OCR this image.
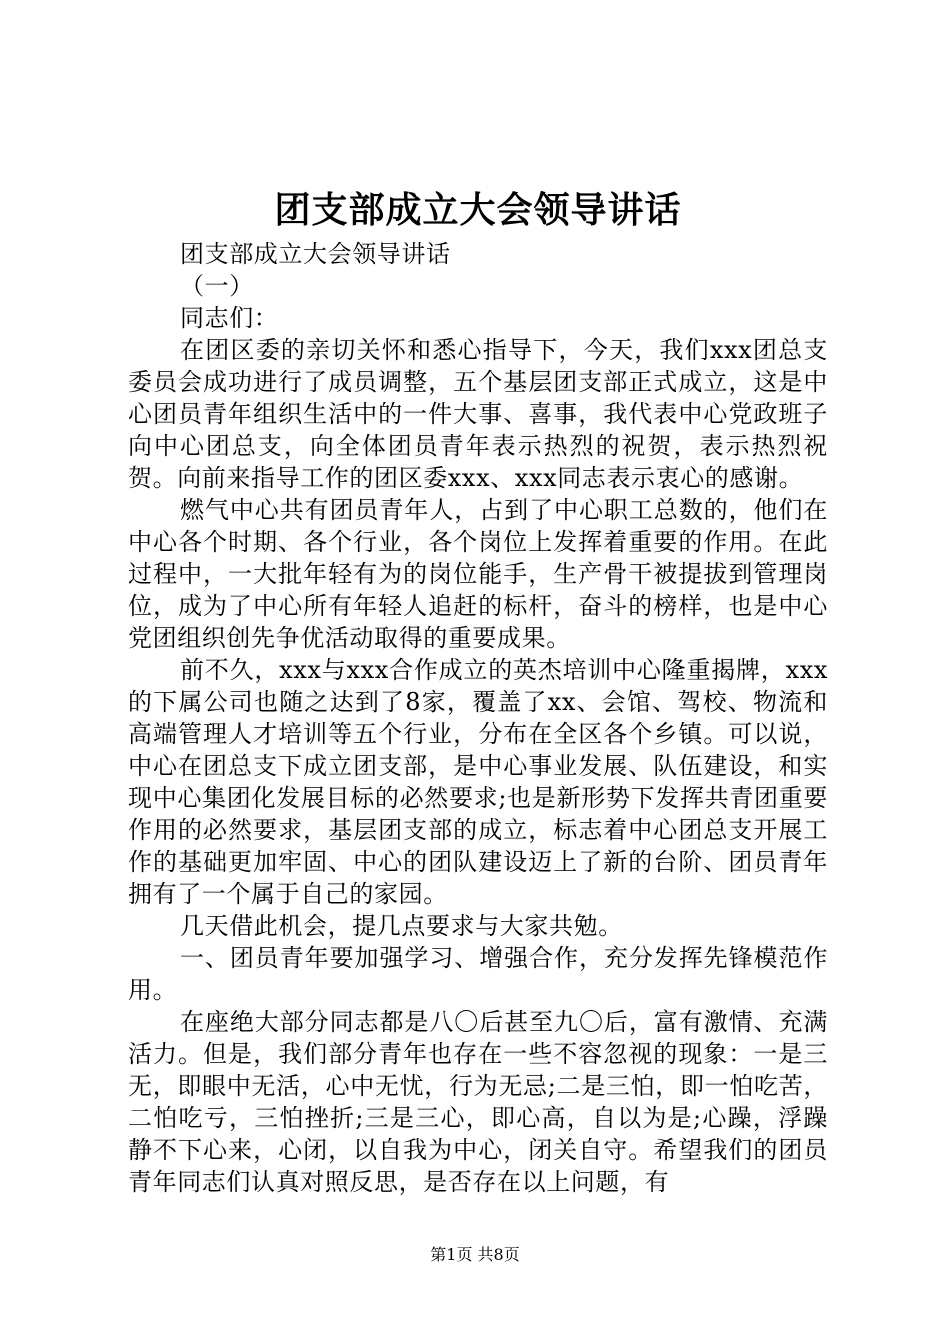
团支部成立大会领导讲话

团支部成立大会领导讲话

（一）

同志们：

在团区委的亲切关怀和悉心指导下，今天，我们xxx团总支委员会成功进行了成员调整，五个基层团支部正式成立，这是中心团员青年组织生活中的一件大事、喜事，我代表中心党政班子向中心团总支，向全体团员青年表示热烈的祝贺，表示热烈祝贺。向前来指导工作的团区委xxx、xxx同志表示衷心的感谢。

燃气中心共有团员青年人，占到了中心职工总数的，他们在中心各个时期、各个行业，各个岗位上发挥着重要的作用。在此过程中，一大批年轻有为的岗位能手，生产骨干被提拔到管理岗位，成为了中心所有年轻人追赶的标杆，奋斗的榜样，也是中心党团组织创先争优活动取得的重要成果。

前不久，xxx与xxx合作成立的英杰培训中心隆重揭牌，xxx的下属公司也随之达到了8家，覆盖了xx、会馆、驾校、物流和高端管理人才培训等五个行业，分布在全区各个乡镇。可以说，中心在团总支下成立团支部，是中心事业发展、队伍建设，和实现中心集团化发展目标的必然要求;也是新形势下发挥共青团重要作用的必然要求，基层团支部的成立，标志着中心团总支开展工作的基础更加牢固、中心的团队建设迈上了新的台阶、团员青年拥有了一个属于自己的家园。

几天借此机会，提几点要求与大家共勉。

一、团员青年要加强学习、增强合作，充分发挥先锋模范作用。

在座绝大部分同志都是八〇后甚至九〇后，富有激情、充满活力。但是，我们部分青年也存在一些不容忽视的现象：一是三无，即眼中无活，心中无忧，行为无忌;二是三怕，即一怕吃苦，二怕吃亏，三怕挫折;三是三心，即心高，自以为是;心躁，浮躁静不下心来，心闭，以自我为中心，闭关自守。希望我们的团员青年同志们认真对照反思，是否存在以上问题，有

第1页 共8页
